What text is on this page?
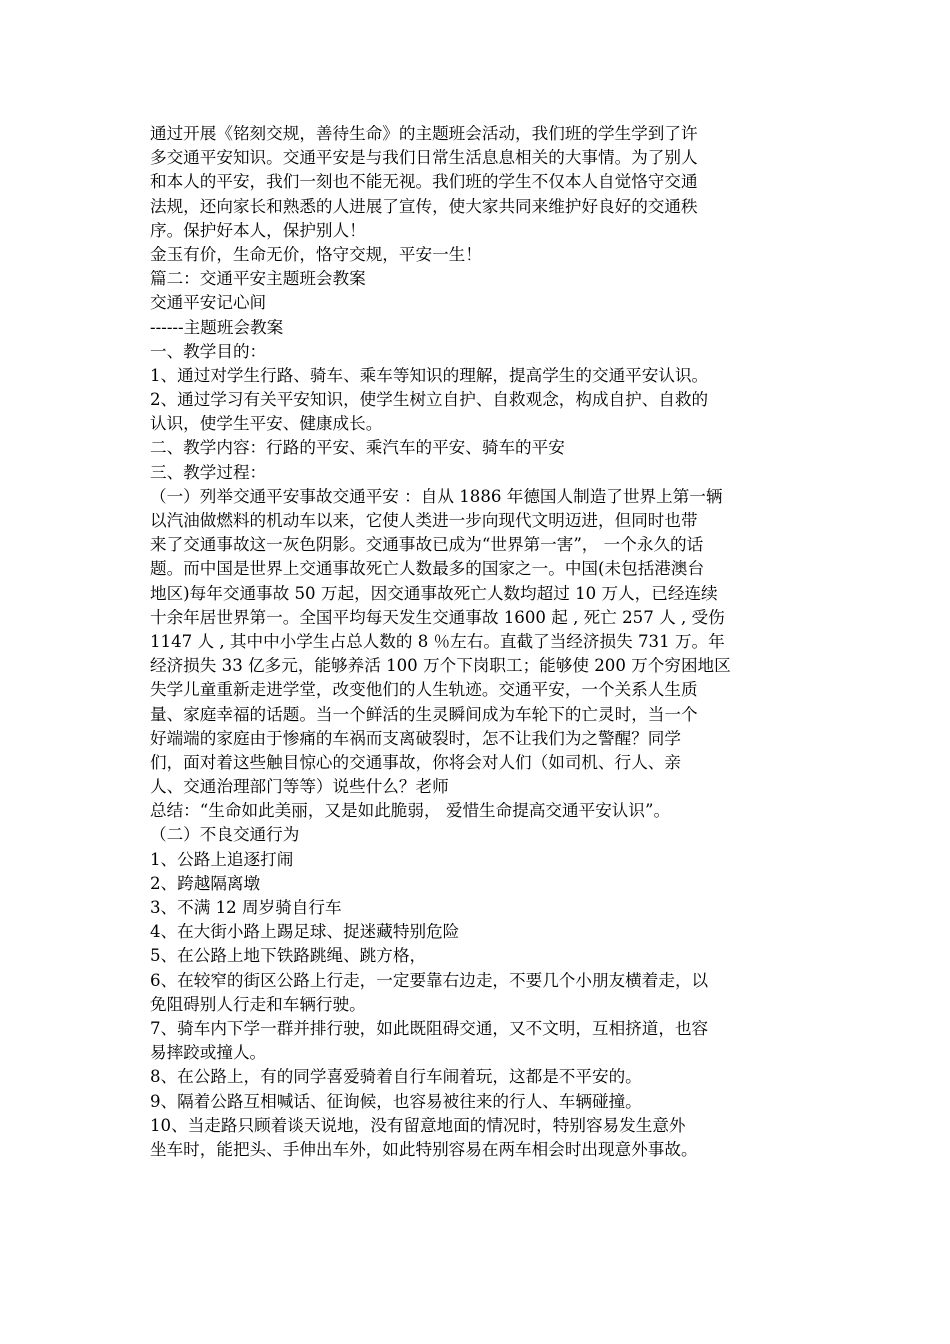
通过开展《铭刻交规，善待生命》的主题班会活动，我们班的学生学到了许
多交通平安知识。交通平安是与我们日常生活息息相关的大事情。为了别人
和本人的平安，我们一刻也不能无视。我们班的学生不仅本人自觉恪守交通
法规，还向家长和熟悉的人进展了宣传，使大家共同来维护好良好的交通秩
序。保护好本人，保护别人！
金玉有价，生命无价，恪守交规，平安一生！
篇二：交通平安主题班会教案
交通平安记心间
------主题班会教案
一、教学目的：
1、通过对学生行路、骑车、乘车等知识的理解，提高学生的交通平安认识。
2、通过学习有关平安知识，使学生树立自护、自救观念，构成自护、自救的
认识，使学生平安、健康成长。
二、教学内容：行路的平安、乘汽车的平安、骑车的平安
三、教学过程：
（一）列举交通平安事故交通平安 ：自从 1886 年德国人制造了世界上第一辆
以汽油做燃料的机动车以来，它使人类进一步向现代文明迈进，但同时也带
来了交通事故这一灰色阴影。交通事故已成为“世界第一害”， 一个永久的话
题。而中国是世界上交通事故死亡人数最多的国家之一。中国(未包括港澳台
地区)每年交通事故 50 万起，因交通事故死亡人数均超过 10 万人，已经连续
十余年居世界第一。全国平均每天发生交通事故 1600 起 , 死亡 257 人 , 受伤
1147 人 , 其中中小学生占总人数的 8 ％左右。直截了当经济损失 731 万。年
经济损失 33 亿多元，能够养活 100 万个下岗职工；能够使 200 万个穷困地区
失学儿童重新走进学堂，改变他们的人生轨迹。交通平安，一个关系人生质
量、家庭幸福的话题。当一个鲜活的生灵瞬间成为车轮下的亡灵时，当一个
好端端的家庭由于惨痛的车祸而支离破裂时，怎不让我们为之警醒？同学
们，面对着这些触目惊心的交通事故，你将会对人们（如司机、行人、亲
人、交通治理部门等等）说些什么？老师
总结：“生命如此美丽，又是如此脆弱， 爱惜生命提高交通平安认识”。
（二）不良交通行为
1、公路上追逐打闹
2、跨越隔离墩
3、不满 12 周岁骑自行车
4、在大街小路上踢足球、捉迷藏特别危险
5、在公路上地下铁路跳绳、跳方格，
6、在较窄的街区公路上行走，一定要靠右边走，不要几个小朋友横着走，以
免阻碍别人行走和车辆行驶。
7、骑车内下学一群并排行驶，如此既阻碍交通，又不文明，互相挤道，也容
易摔跤或撞人。
8、在公路上，有的同学喜爱骑着自行车闹着玩，这都是不平安的。
9、隔着公路互相喊话、征询候，也容易被往来的行人、车辆碰撞。
10、当走路只顾着谈天说地，没有留意地面的情况时，特别容易发生意外
坐车时，能把头、手伸出车外，如此特别容易在两车相会时出现意外事故。
